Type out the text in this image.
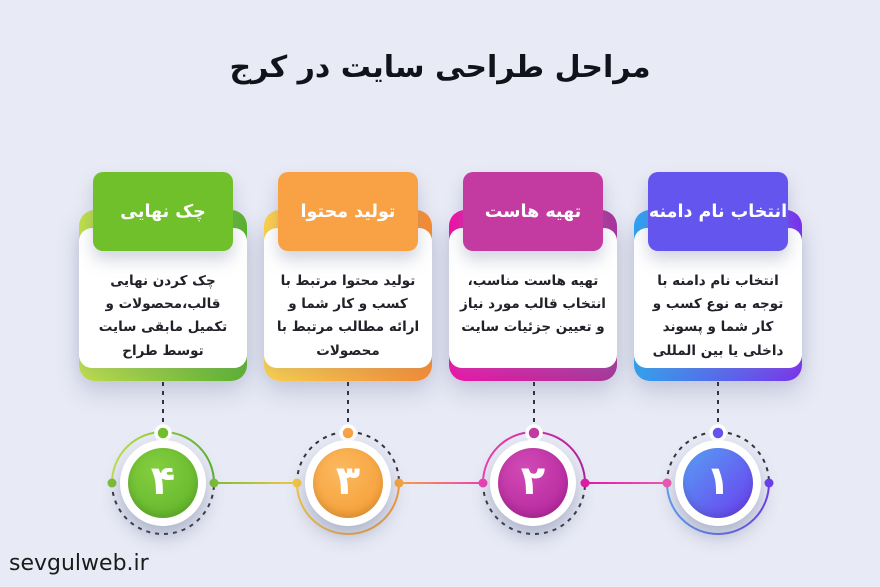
مراحل طراحی سایت در کرج

انتخاب نام دامنه با توجه به نوع کسب و کار شما و پسوند داخلی یا بین المللی

انتخاب نام دامنه

تهیه هاست مناسب، انتخاب قالب مورد نیاز و تعیین جزئیات سایت

تهیه هاست

تولید محتوا مرتبط با کسب و کار شما و ارائه مطالب مرتبط با محصولات

تولید محتوا

چک کردن نهایی قالب،محصولات و تکمیل مابقی سایت توسط طراح

چک نهایی
۱
۲
۳
۴
sevgulweb.ir
